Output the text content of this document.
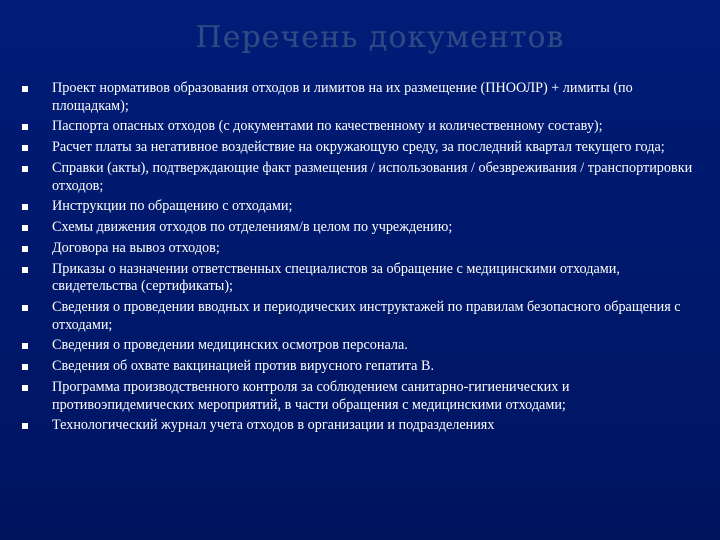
Перечень документов
Проект нормативов образования отходов и лимитов на их размещение (ПНООЛР) + лимиты (по площадкам);
Паспорта опасных отходов (с документами по качественному и количественному составу);
Расчет платы за негативное воздействие на окружающую среду, за последний квартал текущего года;
Справки (акты), подтверждающие факт размещения / использования / обезвреживания / транспортировки отходов;
Инструкции по обращению с отходами;
Схемы движения отходов по отделениям/в целом по учреждению;
Договора на вывоз отходов;
Приказы о назначении ответственных специалистов за обращение с медицинскими отходами, свидетельства (сертификаты);
Сведения о проведении вводных и периодических инструктажей по правилам безопасного обращения с отходами;
Сведения о проведении медицинских осмотров персонала.
Сведения об охвате вакцинацией против вирусного гепатита В.
Программа производственного контроля за соблюдением санитарно-гигиенических и противоэпидемических мероприятий, в части обращения с медицинскими отходами;
Технологический журнал учета отходов в организации и подразделениях
